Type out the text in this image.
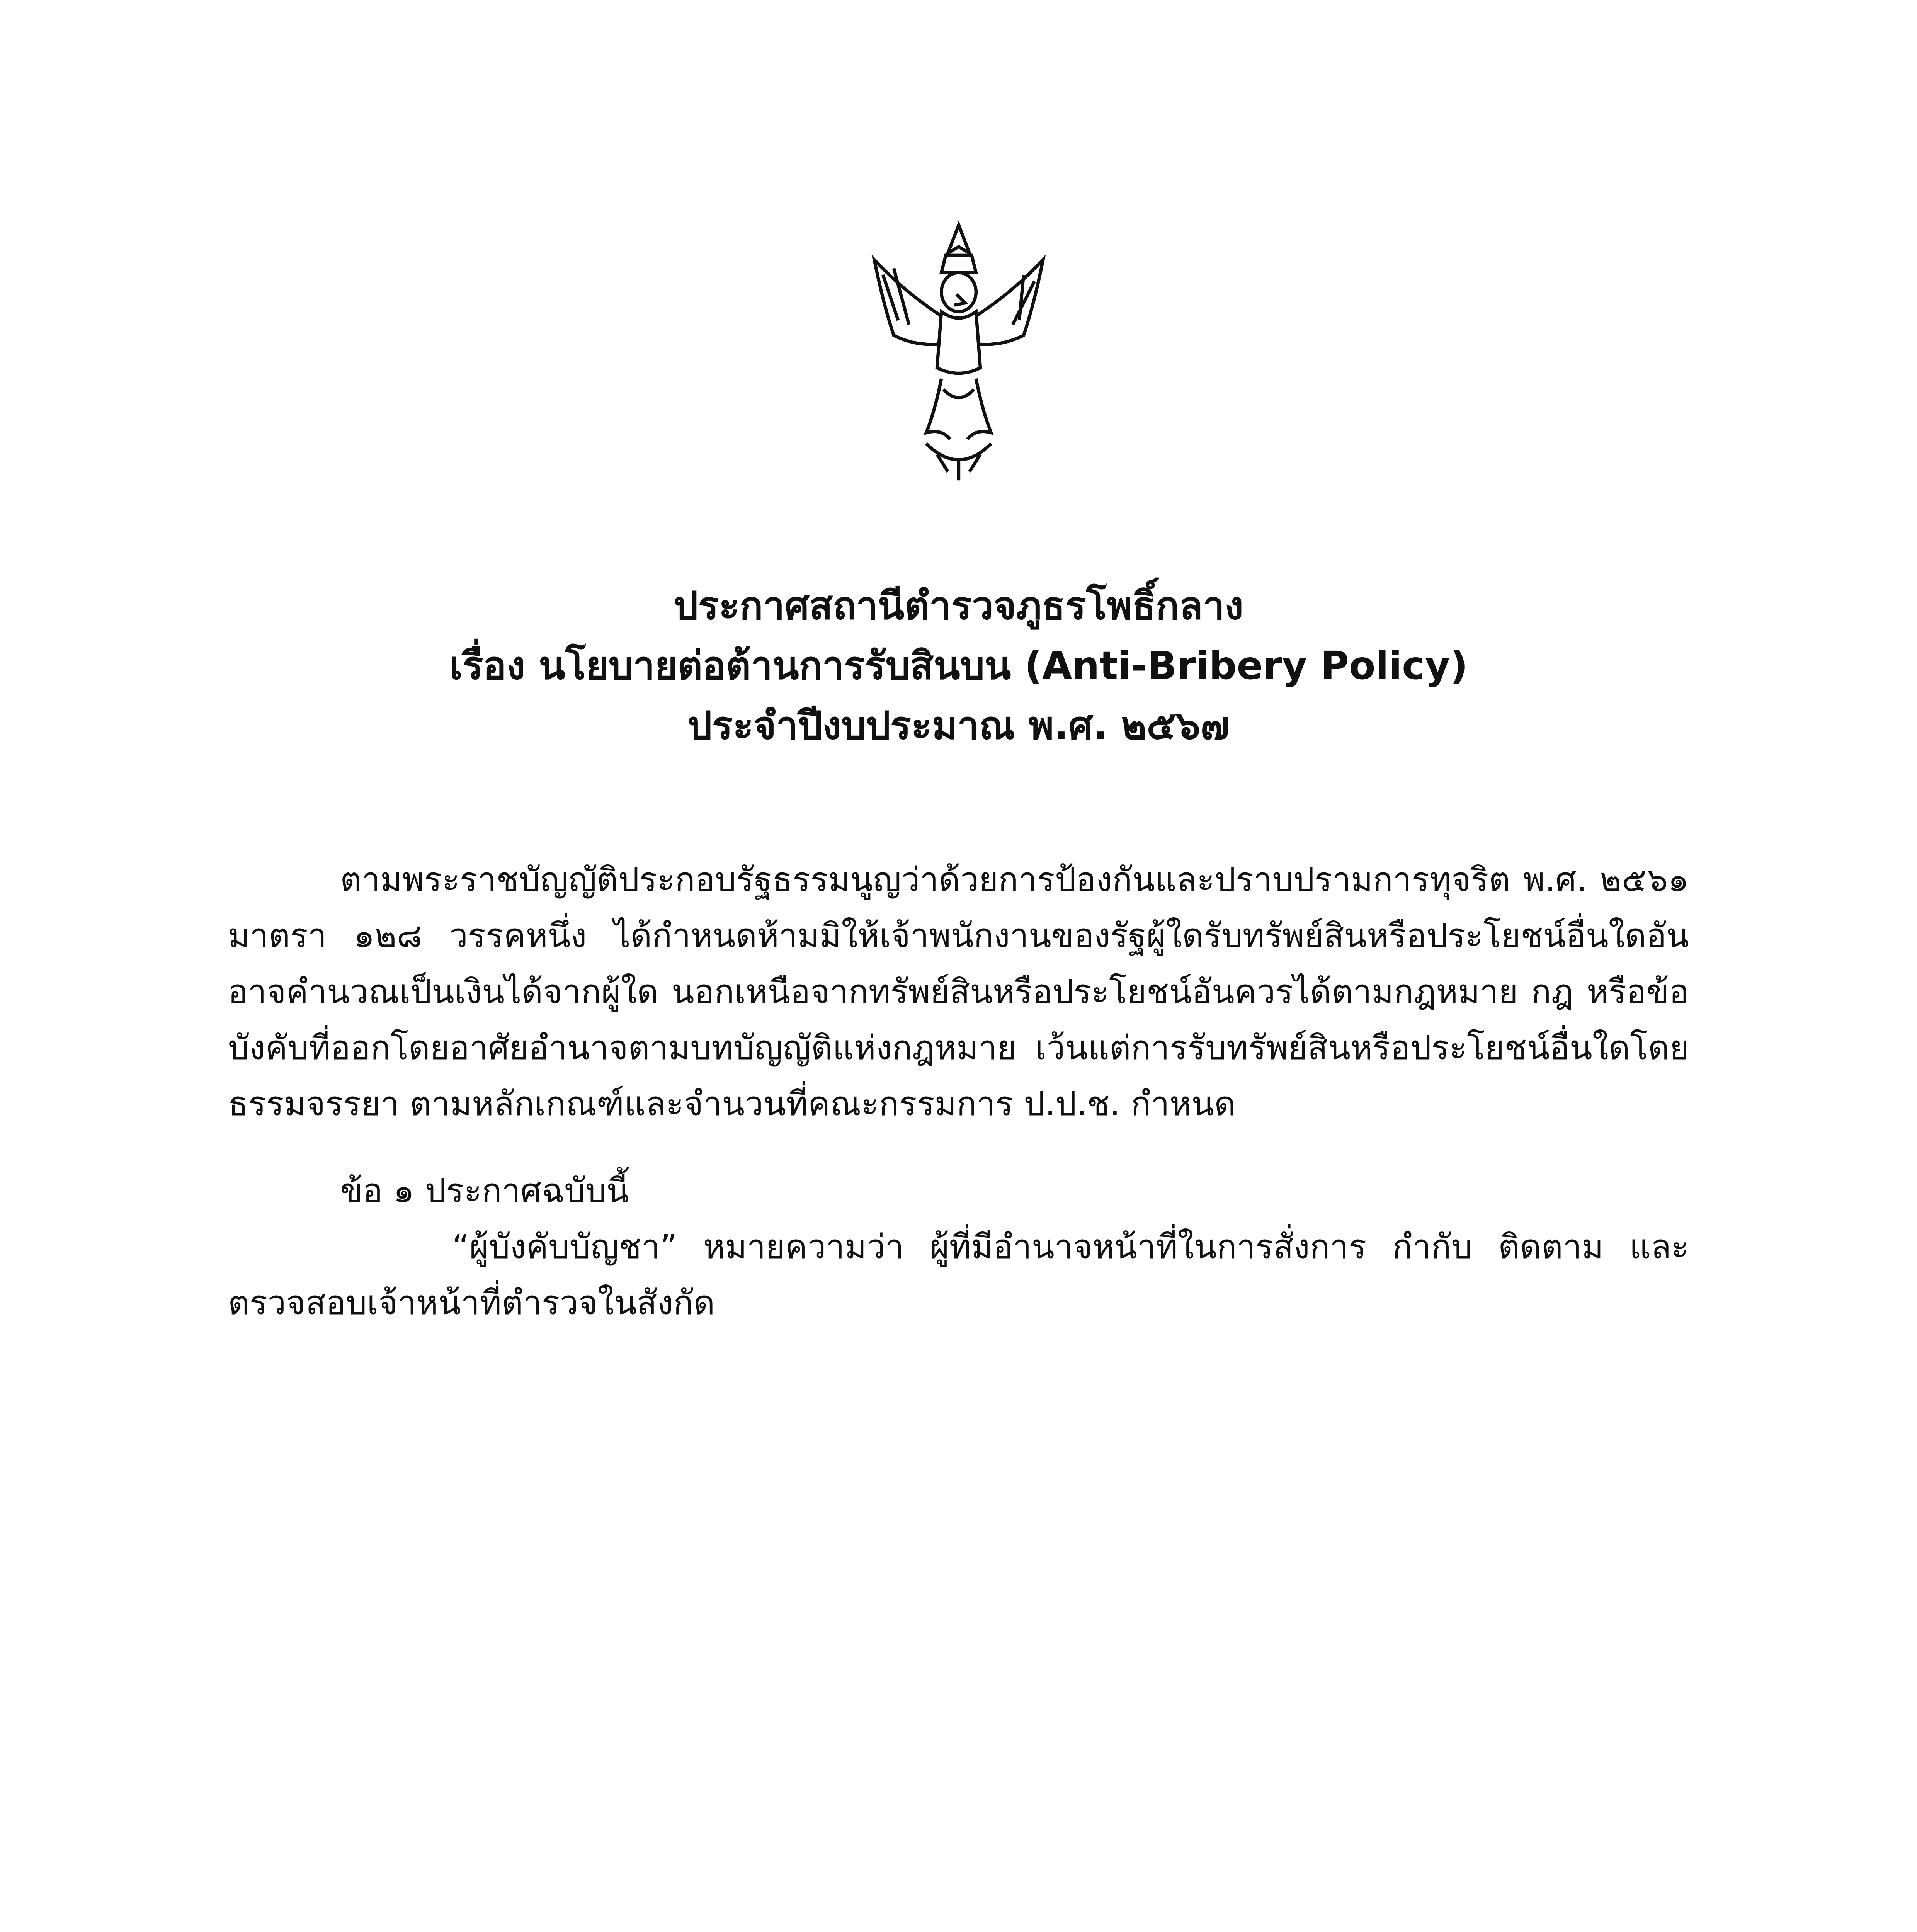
ประกาศสถานีตำรวจภูธรโพธิ์กลาง
เรื่อง นโยบายต่อต้านการรับสินบน (Anti-Bribery Policy)
ประจำปีงบประมาณ พ.ศ. ๒๕๖๗

ตามพระราชบัญญัติประกอบรัฐธรรมนูญว่าด้วยการป้องกันและปราบปรามการทุจริต พ.ศ. ๒๕๖๑ มาตรา ๑๒๘ วรรคหนึ่ง ได้กำหนดห้ามมิให้เจ้าพนักงานของรัฐผู้ใดรับทรัพย์สินหรือประโยชน์อื่นใดอันอาจคำนวณเป็นเงินได้จากผู้ใด นอกเหนือจากทรัพย์สินหรือประโยชน์อันควรได้ตามกฎหมาย กฎ หรือข้อบังคับที่ออกโดยอาศัยอำนาจตามบทบัญญัติแห่งกฎหมาย เว้นแต่การรับทรัพย์สินหรือประโยชน์อื่นใดโดยธรรมจรรยา ตามหลักเกณฑ์และจำนวนที่คณะกรรมการ ป.ป.ช. กำหนด

ข้อ ๑ ประกาศฉบับนี้
“ผู้บังคับบัญชา” หมายความว่า ผู้ที่มีอำนาจหน้าที่ในการสั่งการ กำกับ ติดตาม และตรวจสอบเจ้าหน้าที่ตำรวจในสังกัด
